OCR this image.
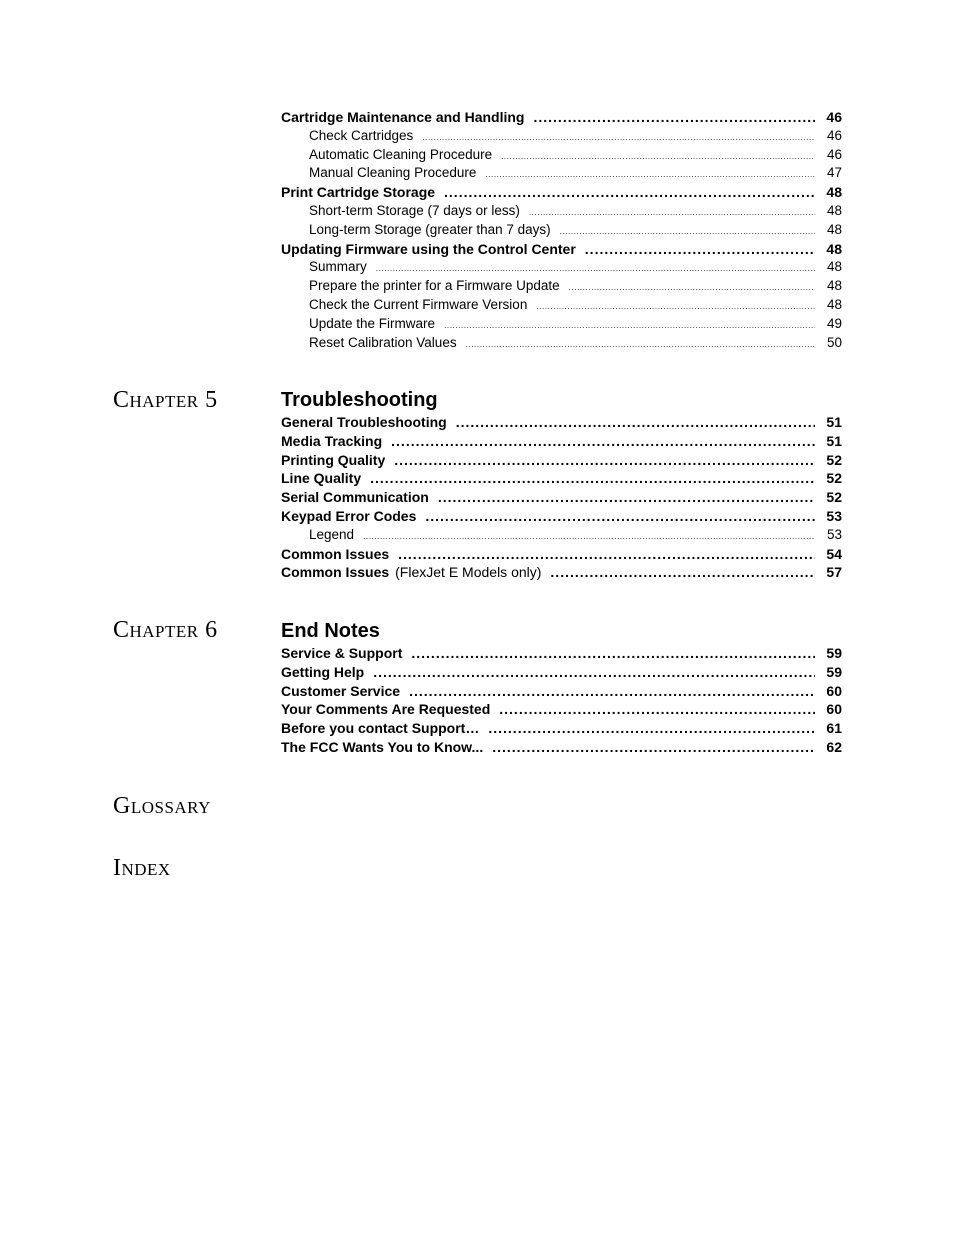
Cartridge Maintenance and Handling .....	46
Check Cartridges .....	46
Automatic Cleaning Procedure .....	46
Manual Cleaning Procedure .....	47
Print Cartridge Storage .....	48
Short-term Storage (7 days or less) .....	48
Long-term Storage (greater than 7 days) .....	48
Updating Firmware using the Control Center .....	48
Summary .....	48
Prepare the printer for a Firmware Update .....	48
Check the Current Firmware Version .....	48
Update the Firmware .....	49
Reset Calibration Values .....	50
Chapter 5	Troubleshooting
General Troubleshooting .....	51
Media Tracking .....	51
Printing Quality .....	52
Line Quality .....	52
Serial Communication .....	52
Keypad Error Codes .....	53
Legend .....	53
Common Issues .....	54
Common Issues (FlexJet E Models only) .....	57
Chapter 6	End Notes
Service & Support .....	59
Getting Help .....	59
Customer Service .....	60
Your Comments Are Requested .....	60
Before you contact Support… .....	61
The FCC Wants You to Know... .....	62
Glossary
Index
